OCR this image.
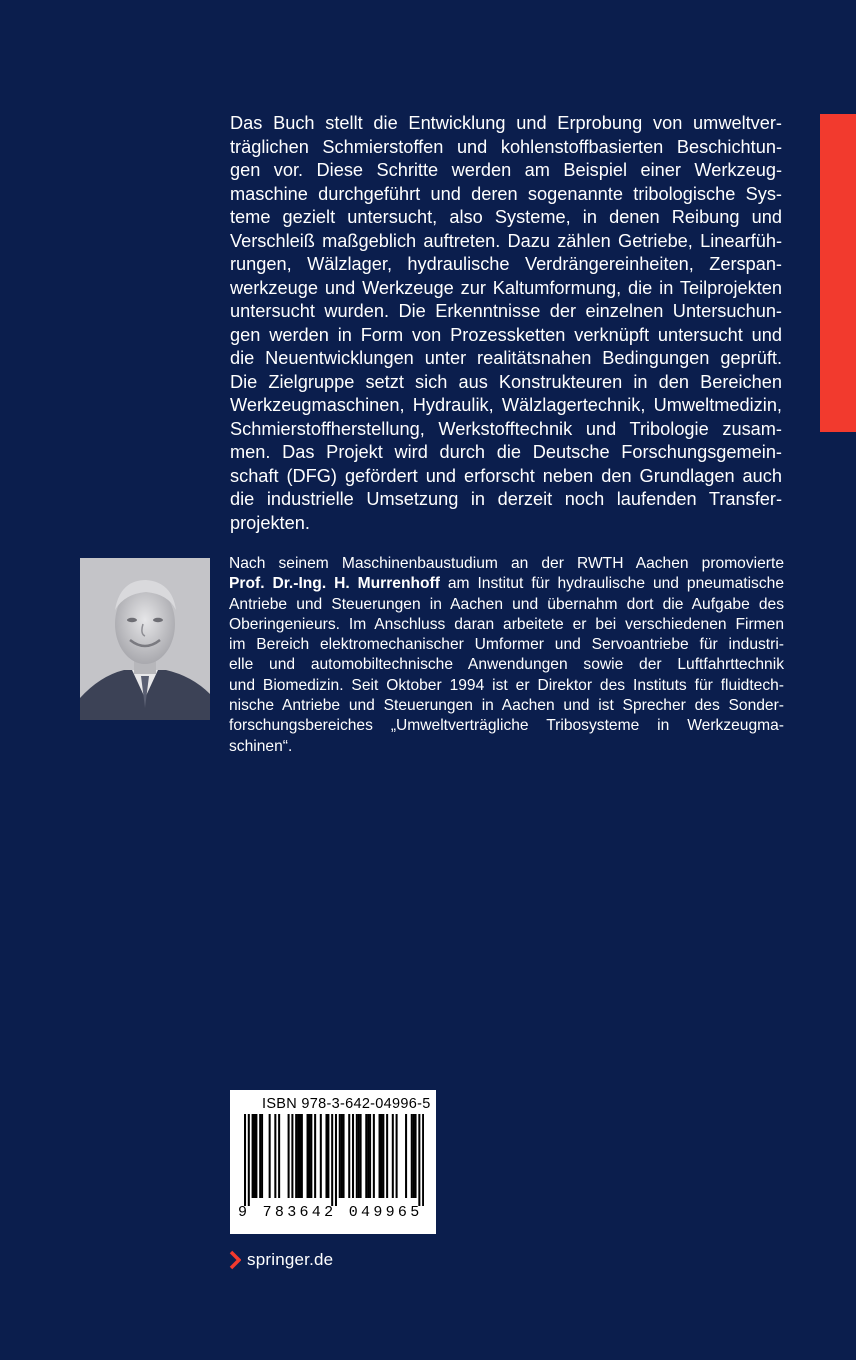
Das Buch stellt die Entwicklung und Erprobung von umweltver-
träglichen Schmierstoffen und kohlenstoffbasierten Beschichtun-
gen vor. Diese Schritte werden am Beispiel einer Werkzeug-
maschine durchgeführt und deren sogenannte tribologische Sys-
teme gezielt untersucht, also Systeme, in denen Reibung und
Verschleiß maßgeblich auftreten. Dazu zählen Getriebe, Linearfüh-
rungen, Wälzlager, hydraulische Verdrängereinheiten, Zerspan-
werkzeuge und Werkzeuge zur Kaltumformung, die in Teilprojekten
untersucht wurden. Die Erkenntnisse der einzelnen Untersuchun-
gen werden in Form von Prozessketten verknüpft untersucht und
die Neuentwicklungen unter realitätsnahen Bedingungen geprüft.
Die Zielgruppe setzt sich aus Konstrukteuren in den Bereichen
Werkzeugmaschinen, Hydraulik, Wälzlagertechnik, Umweltmedizin,
Schmierstoffherstellung, Werkstofftechnik und Tribologie zusam-
men. Das Projekt wird durch die Deutsche Forschungsgemein-
schaft (DFG) gefördert und erforscht neben den Grundlagen auch
die industrielle Umsetzung in derzeit noch laufenden Transfer-
projekten.
Nach seinem Maschinenbaustudium an der RWTH Aachen promovierte
Prof. Dr.-Ing. H. Murrenhoff am Institut für hydraulische und pneumatische
Antriebe und Steuerungen in Aachen und übernahm dort die Aufgabe des
Oberingenieurs. Im Anschluss daran arbeitete er bei verschiedenen Firmen
im Bereich elektromechanischer Umformer und Servoantriebe für industri-
elle und automobiltechnische Anwendungen sowie der Luftfahrttechnik
und Biomedizin. Seit Oktober 1994 ist er Direktor des Instituts für fluidtech-
nische Antriebe und Steuerungen in Aachen und ist Sprecher des Sonder-
forschungsbereiches „Umweltverträgliche Tribosysteme in Werkzeugma-
schinen“.
ISBN 978-3-642-04996-5
9 783642 049965
springer.de
